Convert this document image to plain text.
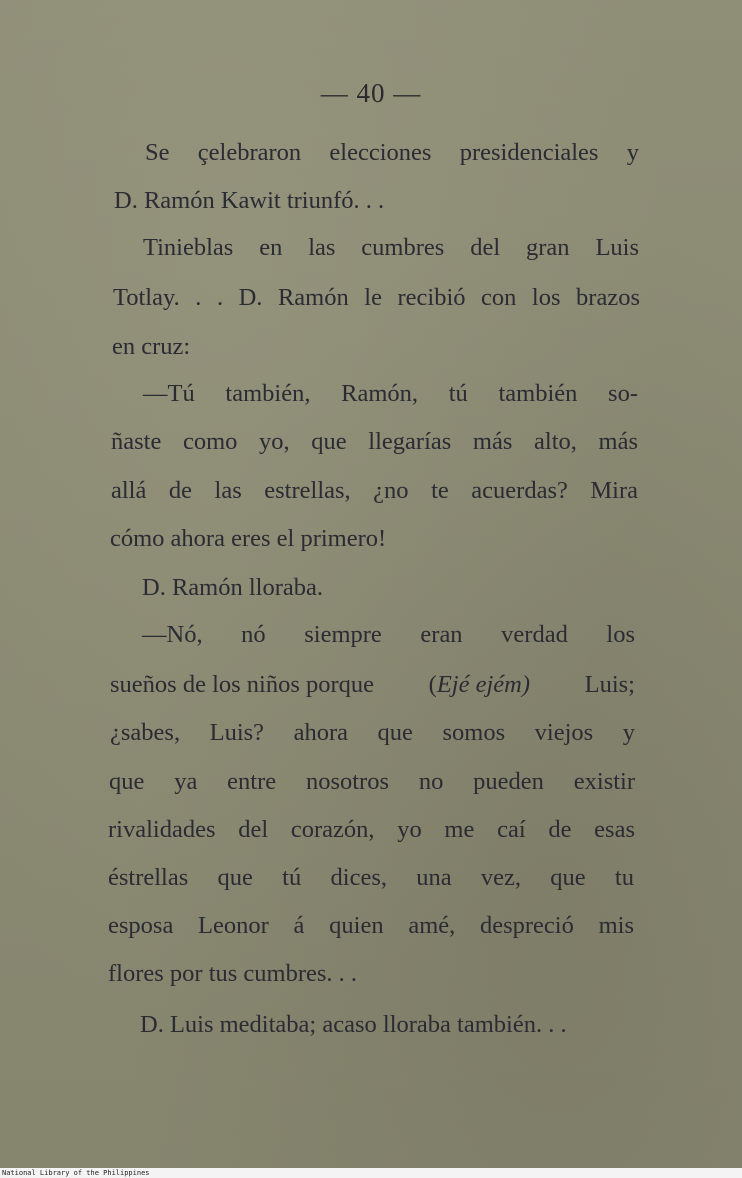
— 40 —
Se çelebraron elecciones presidenciales y
D. Ramón Kawit triunfó. . .
Tinieblas en las cumbres del gran Luis
Totlay. . . D. Ramón le recibió con los brazos
en cruz:
—Tú también, Ramón, tú también so-
ñaste como yo, que llegarías más alto, más
allá de las estrellas, ¿no te acuerdas? Mira
cómo ahora eres el primero!
D. Ramón lloraba.
—Nó, nó siempre eran verdad los
sueños de los niños porque (Ejé ejém) Luis;
¿sabes, Luis? ahora que somos viejos y
que ya entre nosotros no pueden existir
rivalidades del corazón, yo me caí de esas
éstrellas que tú dices, una vez, que tu
esposa Leonor á quien amé, despreció mis
flores por tus cumbres. . .
D. Luis meditaba; acaso lloraba también. . .
National Library of the Philippines
